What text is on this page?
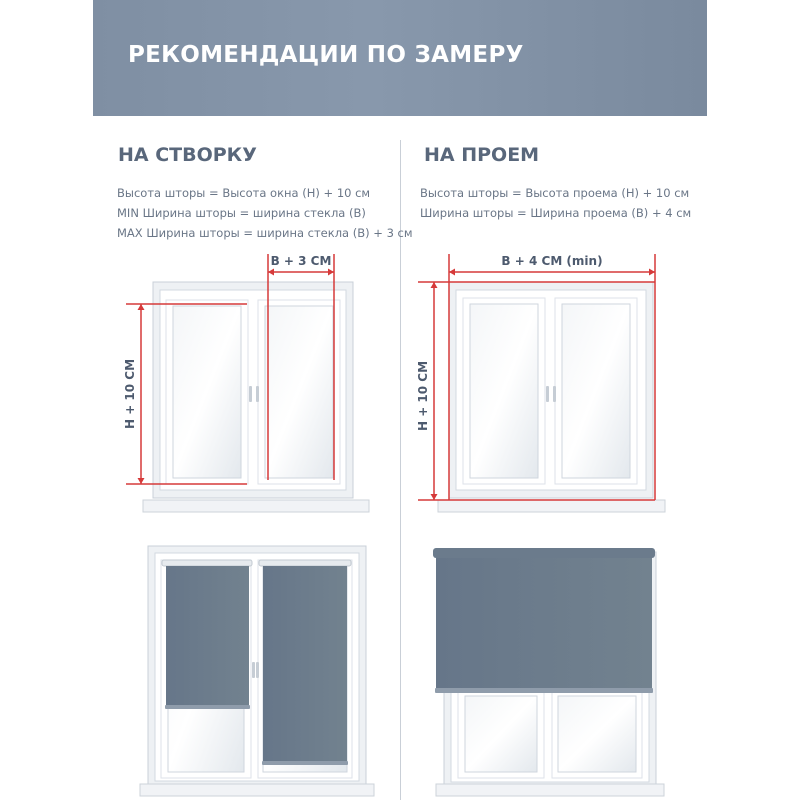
РЕКОМЕНДАЦИИ ПО ЗАМЕРУ
НА СТВОРКУ
Высота шторы = Высота окна (Н) + 10 см
MIN Ширина шторы = ширина стекла (В)
MAX Ширина шторы = ширина стекла (В) + 3 см
НА ПРОЕМ
Высота шторы = Высота проема (Н) + 10 см
Ширина шторы = Ширина проема (В) + 4 см
В + 3 СМ
Н + 10 СМ
В + 4 СМ (min)
Н + 10 СМ
